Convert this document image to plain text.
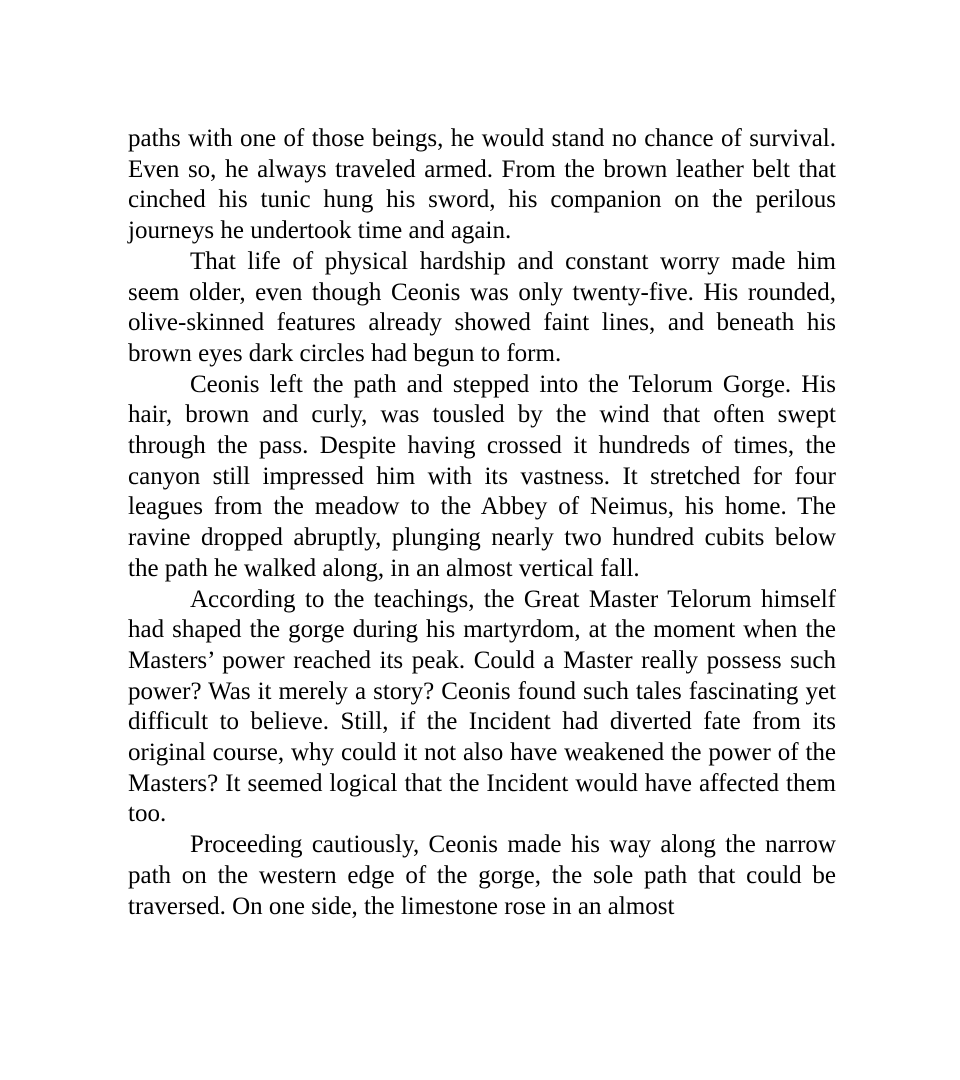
paths with one of those beings, he would stand no chance of survival. Even so, he always traveled armed. From the brown leather belt that cinched his tunic hung his sword, his companion on the perilous journeys he undertook time and again.

That life of physical hardship and constant worry made him seem older, even though Ceonis was only twenty-five. His rounded, olive-skinned features already showed faint lines, and beneath his brown eyes dark circles had begun to form.

Ceonis left the path and stepped into the Telorum Gorge. His hair, brown and curly, was tousled by the wind that often swept through the pass. Despite having crossed it hundreds of times, the canyon still impressed him with its vastness. It stretched for four leagues from the meadow to the Abbey of Neimus, his home. The ravine dropped abruptly, plunging nearly two hundred cubits below the path he walked along, in an almost vertical fall.

According to the teachings, the Great Master Telorum himself had shaped the gorge during his martyrdom, at the moment when the Masters’ power reached its peak. Could a Master really possess such power? Was it merely a story? Ceonis found such tales fascinating yet difficult to believe. Still, if the Incident had diverted fate from its original course, why could it not also have weakened the power of the Masters? It seemed logical that the Incident would have affected them too.

Proceeding cautiously, Ceonis made his way along the narrow path on the western edge of the gorge, the sole path that could be traversed. On one side, the limestone rose in an almost
